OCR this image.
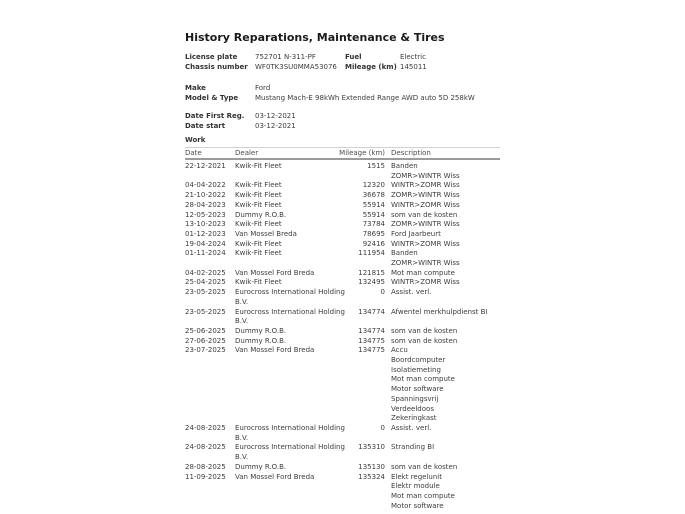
History Reparations, Maintenance & Tires
License plate	752701 N-311-PF	Fuel	Electric
Chassis number	WF0TK3SU0MMA53076	Mileage (km) 145011
Make	Ford
Model & Type	Mustang Mach-E 98kWh Extended Range AWD auto 5D 258kW
Date First Reg.	03-12-2021
Date start	03-12-2021
Work
Date	Dealer	Mileage (km) Description
22-12-2021	Kwik-Fit Fleet	1515 Banden
ZOMR>WINTR Wiss
04-04-2022	Kwik-Fit Fleet	12320 WINTR>ZOMR Wiss
21-10-2022	Kwik-Fit Fleet	36678 ZOMR>WINTR Wiss
28-04-2023	Kwik-Fit Fleet	55914 WINTR>ZOMR Wiss
12-05-2023	Dummy R.O.B.	55914 som van de kosten
13-10-2023	Kwik-Fit Fleet	73784 ZOMR>WINTR Wiss
01-12-2023	Van Mossel Breda	78695 Ford Jaarbeurt
19-04-2024	Kwik-Fit Fleet	92416 WINTR>ZOMR Wiss
01-11-2024	Kwik-Fit Fleet	111954 Banden
ZOMR>WINTR Wiss
04-02-2025	Van Mossel Ford Breda	121815 Mot man compute
25-04-2025	Kwik-Fit Fleet	132495 WINTR>ZOMR Wiss
23-05-2025	Eurocross International Holding
B.V.
0 Assist. verl.
23-05-2025	Eurocross International Holding
B.V.
134774 Afwentel merkhulpdienst BI
25-06-2025	Dummy R.O.B.	134774 som van de kosten
27-06-2025	Dummy R.O.B.	134775 som van de kosten
23-07-2025	Van Mossel Ford Breda	134775 Accu
Boordcomputer
Isolatiemeting
Mot man compute
Motor software
Spanningsvrij
Verdeeldoos
Zekeringkast
24-08-2025	Eurocross International Holding
B.V.
0 Assist. verl.
24-08-2025	Eurocross International Holding
B.V.
135310 Stranding BI
28-08-2025	Dummy R.O.B.	135130 som van de kosten
11-09-2025	Van Mossel Ford Breda	135324 Elekt regelunit
Elektr module
Mot man compute
Motor software
